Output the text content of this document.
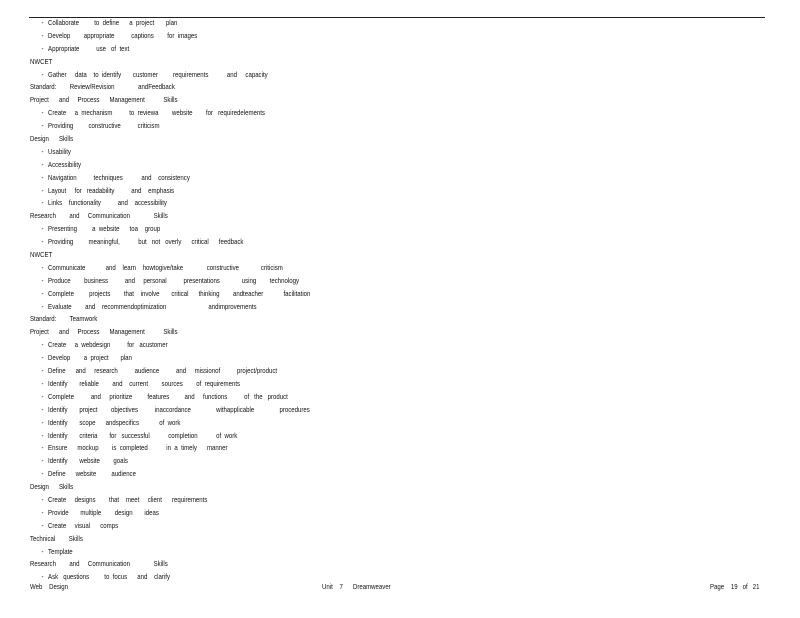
- Collaborate         to  define      a  project       plan
- Develop        appropriate          captions        for  images
- Appropriate          use   of  text
NWCET
- Gather     data    to  identify       customer         requirements           and     capacity
Standard:        Review/Revision              andFeedback
Project      and     Process      Management           Skills
- Create     a  mechanism          to  reviewa        website        for   requiredelements
- Providing         constructive          criticism
Design      Skills
- Usability
- Accessibility
- Navigation          techniques           and    consistency
- Layout     for   readability          and    emphasis
- Links    functionality          and    accessibility
Research        and     Communication              Skills
- Presenting         a  website      toa    group
- Providing         meaningful,           but   not   overly      critical      feedback
NWCET
- Communicate            and    learn    howtogive/take              constructive             criticism
- Produce        business          and     personal          presentations             using        technology
- Complete         projects        that    involve       critical      thinking        andteacher            facilitation
- Evaluate        and    recommendoptimization                         andimprovements
Standard:        Teamwork
Project      and     Process      Management           Skills
- Create     a  webdesign          for   acustomer
- Develop        a  project       plan
- Define      and     research          audience          and     missionof          project/product
- Identify       reliable        and    current        sources        of  requirements
- Complete          and     prioritize         features         and     functions          of   the   product
- Identify       project        objectives          inaccordance               withapplicable               procedures
- Identify       scope      andspecifics            of  work
- Identify       criteria       for   successful           completion           of  work
- Ensure      mockup        is  completed           in  a  timely      manner
- Identify       website        goals
- Define      website         audience
Design      Skills
- Create     designs        that    meet     client      requirements
- Provide       multiple        design       ideas
- Create     visual      comps
Technical        Skills
- Template
Research        and     Communication              Skills
- Ask   questions         to  focus      and    clarify
Web    Design	Unit    7      Dreamweaver	Page    19   of   21
